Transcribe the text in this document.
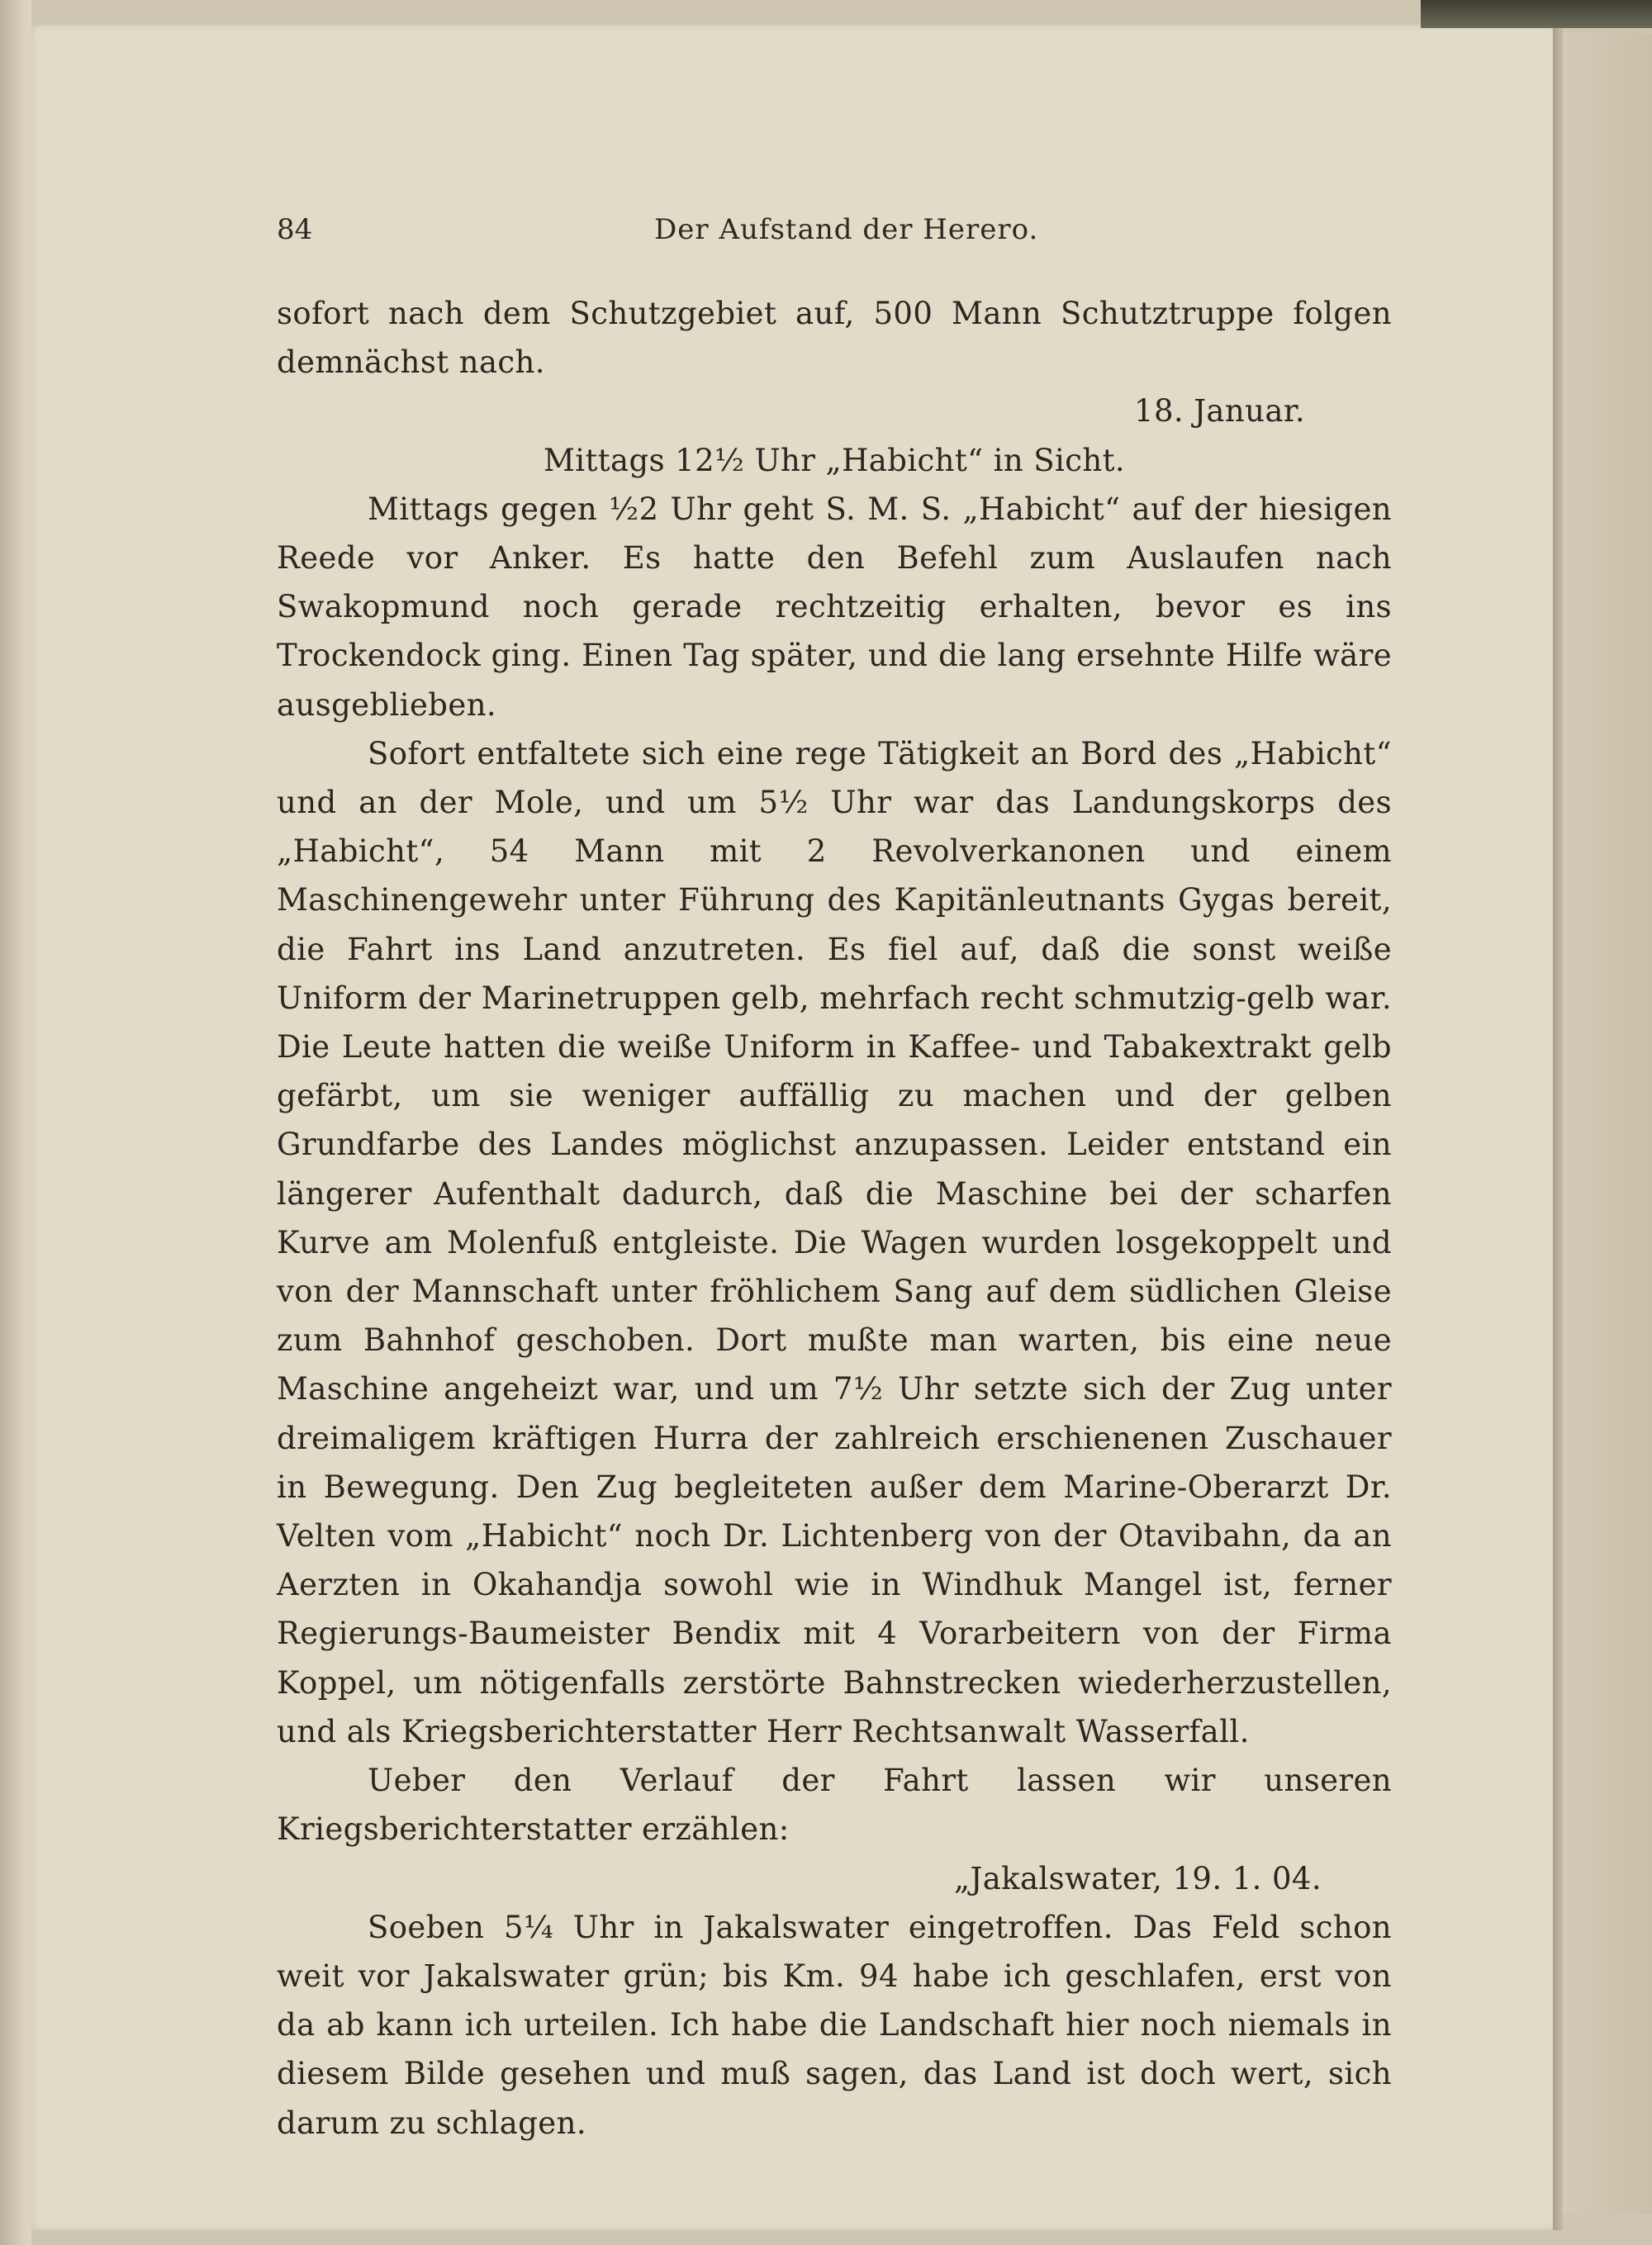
84	Der Aufstand der Herero.

sofort nach dem Schutzgebiet auf, 500 Mann Schutztruppe folgen demnächst nach.

18. Januar.

Mittags 12½ Uhr „Habicht“ in Sicht.

Mittags gegen ½2 Uhr geht S. M. S. „Habicht“ auf der hiesigen Reede vor Anker. Es hatte den Befehl zum Auslaufen nach Swakopmund noch gerade rechtzeitig erhalten, bevor es ins Trockendock ging. Einen Tag später, und die lang ersehnte Hilfe wäre ausgeblieben.

Sofort entfaltete sich eine rege Tätigkeit an Bord des „Habicht“ und an der Mole, und um 5½ Uhr war das Landungskorps des „Habicht“, 54 Mann mit 2 Revolverkanonen und einem Maschinengewehr unter Führung des Kapitänleutnants Gygas bereit, die Fahrt ins Land anzutreten. Es fiel auf, daß die sonst weiße Uniform der Marinetruppen gelb, mehrfach recht schmutzig-gelb war. Die Leute hatten die weiße Uniform in Kaffee- und Tabakextrakt gelb gefärbt, um sie weniger auffällig zu machen und der gelben Grundfarbe des Landes möglichst anzupassen. Leider entstand ein längerer Aufenthalt dadurch, daß die Maschine bei der scharfen Kurve am Molenfuß entgleiste. Die Wagen wurden losgekoppelt und von der Mannschaft unter fröhlichem Sang auf dem südlichen Gleise zum Bahnhof geschoben. Dort mußte man warten, bis eine neue Maschine angeheizt war, und um 7½ Uhr setzte sich der Zug unter dreimaligem kräftigen Hurra der zahlreich erschienenen Zuschauer in Bewegung. Den Zug begleiteten außer dem Marine-Oberarzt Dr. Velten vom „Habicht“ noch Dr. Lichtenberg von der Otavibahn, da an Aerzten in Okahandja sowohl wie in Windhuk Mangel ist, ferner Regierungs-Baumeister Bendix mit 4 Vorarbeitern von der Firma Koppel, um nötigenfalls zerstörte Bahnstrecken wiederherzustellen, und als Kriegsberichterstatter Herr Rechtsanwalt Wasserfall.

Ueber den Verlauf der Fahrt lassen wir unseren Kriegsberichterstatter erzählen:

„Jakalswater, 19. 1. 04.

Soeben 5¼ Uhr in Jakalswater eingetroffen. Das Feld schon weit vor Jakalswater grün; bis Km. 94 habe ich geschlafen, erst von da ab kann ich urteilen. Ich habe die Landschaft hier noch niemals in diesem Bilde gesehen und muß sagen, das Land ist doch wert, sich darum zu schlagen.
